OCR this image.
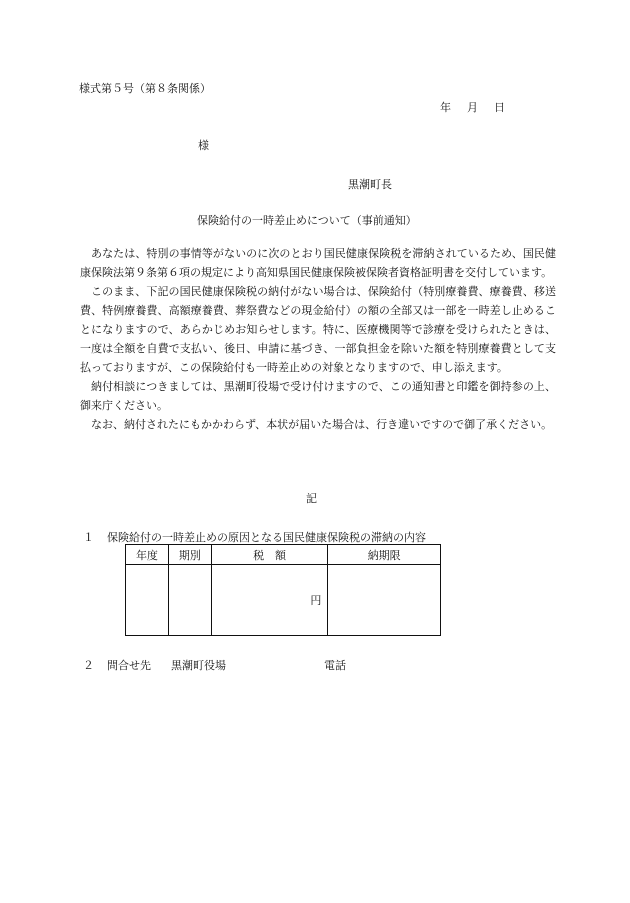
様式第５号（第８条関係）
年 月 日
様
黒潮町長
保険給付の一時差止めについて（事前通知）

あなたは、特別の事情等がないのに次のとおり国民健康保険税を滞納されているため、国民健康保険法第９条第６項の規定により高知県国民健康保険被保険者資格証明書を交付しています。

このまま、下記の国民健康保険税の納付がない場合は、保険給付（特別療養費、療養費、移送費、特例療養費、高額療養費、葬祭費などの現金給付）の額の全部又は一部を一時差し止めることになりますので、あらかじめお知らせします。特に、医療機関等で診療を受けられたときは、一度は全額を自費で支払い、後日、申請に基づき、一部負担金を除いた額を特別療養費として支払っておりますが、この保険給付も一時差止めの対象となりますので、申し添えます。

納付相談につきましては、黒潮町役場で受け付けますので、この通知書と印鑑を御持参の上、御来庁ください。

なお、納付されたにもかかわらず、本状が届いた場合は、行き違いですので御了承ください。

記
１ 保険給付の一時差止めの原因となる国民健康保険税の滞納の内容
年度	期別	税　額	納期限
		円	
２ 問合せ先 黒潮町役場	電話
